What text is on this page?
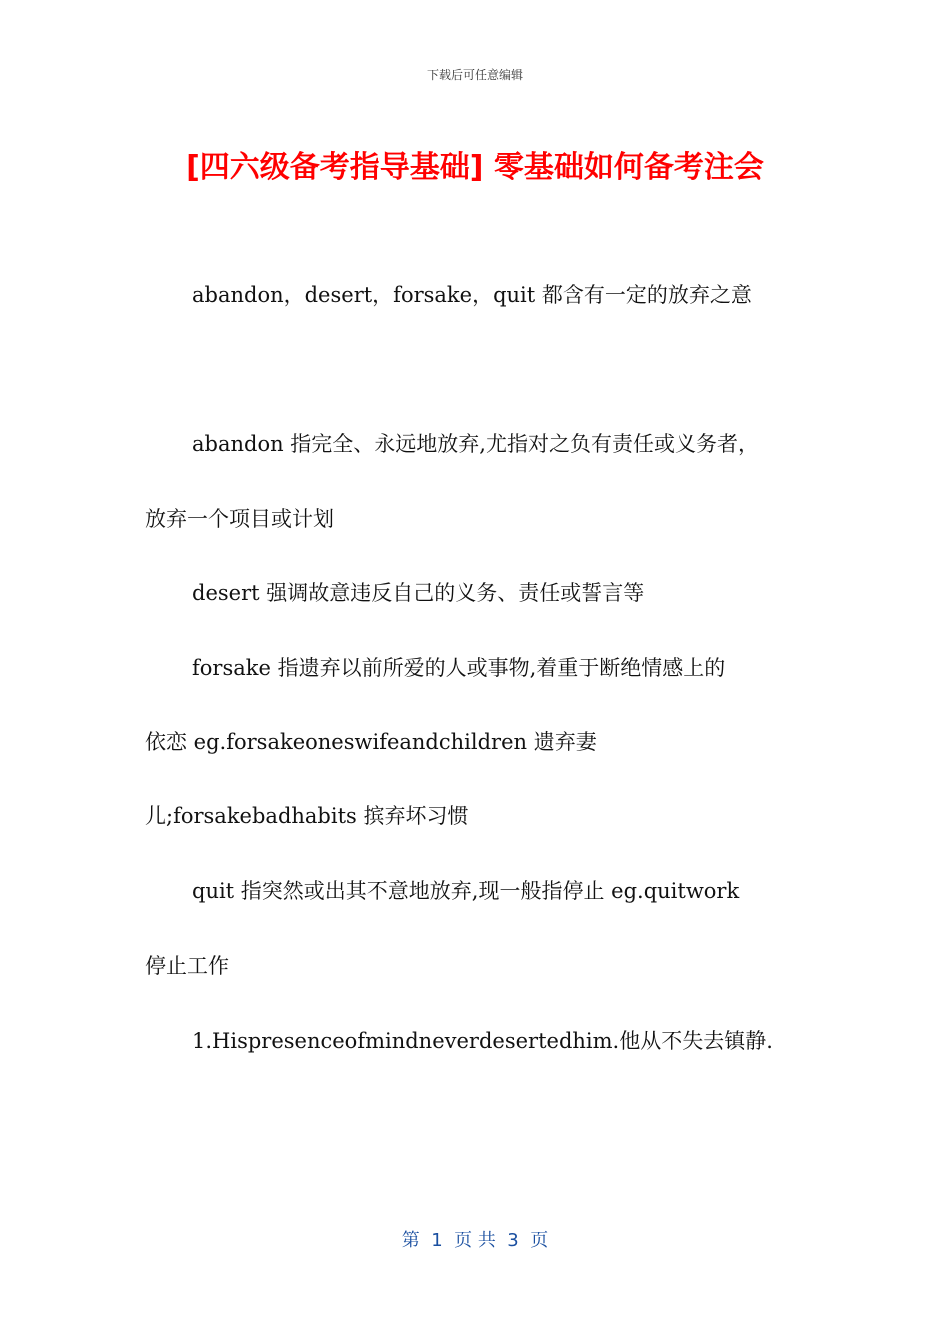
下载后可任意编辑
[四六级备考指导基础] 零基础如何备考注会
abandon，desert，forsake，quit 都含有一定的放弃之意
abandon 指完全、永远地放弃,尤指对之负有责任或义务者，
放弃一个项目或计划
desert 强调故意违反自己的义务、责任或誓言等
forsake 指遗弃以前所爱的人或事物,着重于断绝情感上的
依恋 eg.forsakeoneswifeandchildren 遗弃妻
儿;forsakebadhabits 摈弃坏习惯
quit 指突然或出其不意地放弃,现一般指停止 eg.quitwork
停止工作
1.Hispresenceofmindneverdesertedhim.他从不失去镇静.
第  1  页 共  3  页
